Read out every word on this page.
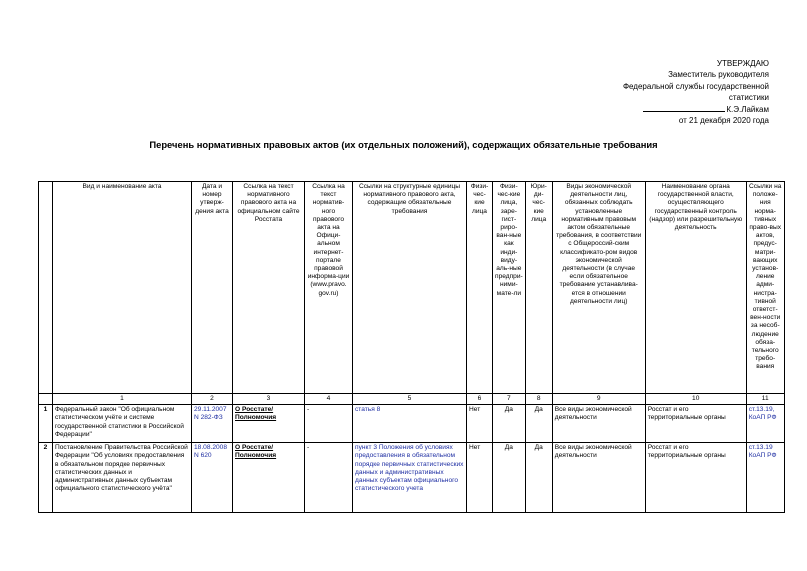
УТВЕРЖДАЮ
Заместитель руководителя
Федеральной службы государственной
статистики
К.Э.Лайкам
от 21 декабря 2020 года
Перечень нормативных правовых актов (их отдельных положений), содержащих обязательные требования
	Вид и наименование акта	Дата и номер утверж-дения акта	Ссылка на текст нормативного правового акта на официальном сайте Росстата	Ссылка на текст норматив-ного правового акта на Офици-альном интернет-портале правовой информа-ции (www.pravo. gov.ru)	Ссылки на структурные единицы нормативного правового акта, содержащие обязательные требования	Физи-чес-кие лица	Физи-чес-кие лица, заре-гист-риро-ван-ные как инди-виду-аль-ные предпри-ними-мате-ли	Юри-ди-чес-кие лица	Виды экономической деятельности лиц, обязанных соблюдать установленные нормативным правовым актом обязательные требования, в соответствии с Общероссий-ским классификато-ром видов экономической деятельности (в случае если обязательное требование устанавлива-ется в отношении деятельности лиц)	Наименование органа государственной власти, осуществляющего государственный контроль (надзор) или разрешительную деятельность	Ссылки на положе-ния норма-тивных право-вых актов, предус-матри-вающих установ-ление адми-нистра-тивной ответст-вен-ности за несоб-людение обяза-тельного требо-вания
	1	2	3	4	5	6	7	8	9	10	11
1	Федеральный закон "Об официальном статистическом учёте и системе государственной статистики в Российской Федерации"	29.11.2007 N 282-ФЗ	О Росстате/ Полномочия	-	статья 8	Нет	Да	Да	Все виды экономической деятельности	Росстат и его территориальные органы	ст.13.19, КоАП РФ
2	Постановление Правительства Российской Федерации "Об условиях предоставления в обязательном порядке первичных статистических данных и административных данных субъектам официального статистического учёта"	18.08.2008 N 620	О Росстате/ Полномочия	-	пункт 3 Положения об условиях предоставления в обязательном порядке первичных статистических данных и административных данных субъектам официального статистического учета	Нет	Да	Да	Все виды экономической деятельности	Росстат и его территориальные органы	ст.13.19 КоАП РФ
